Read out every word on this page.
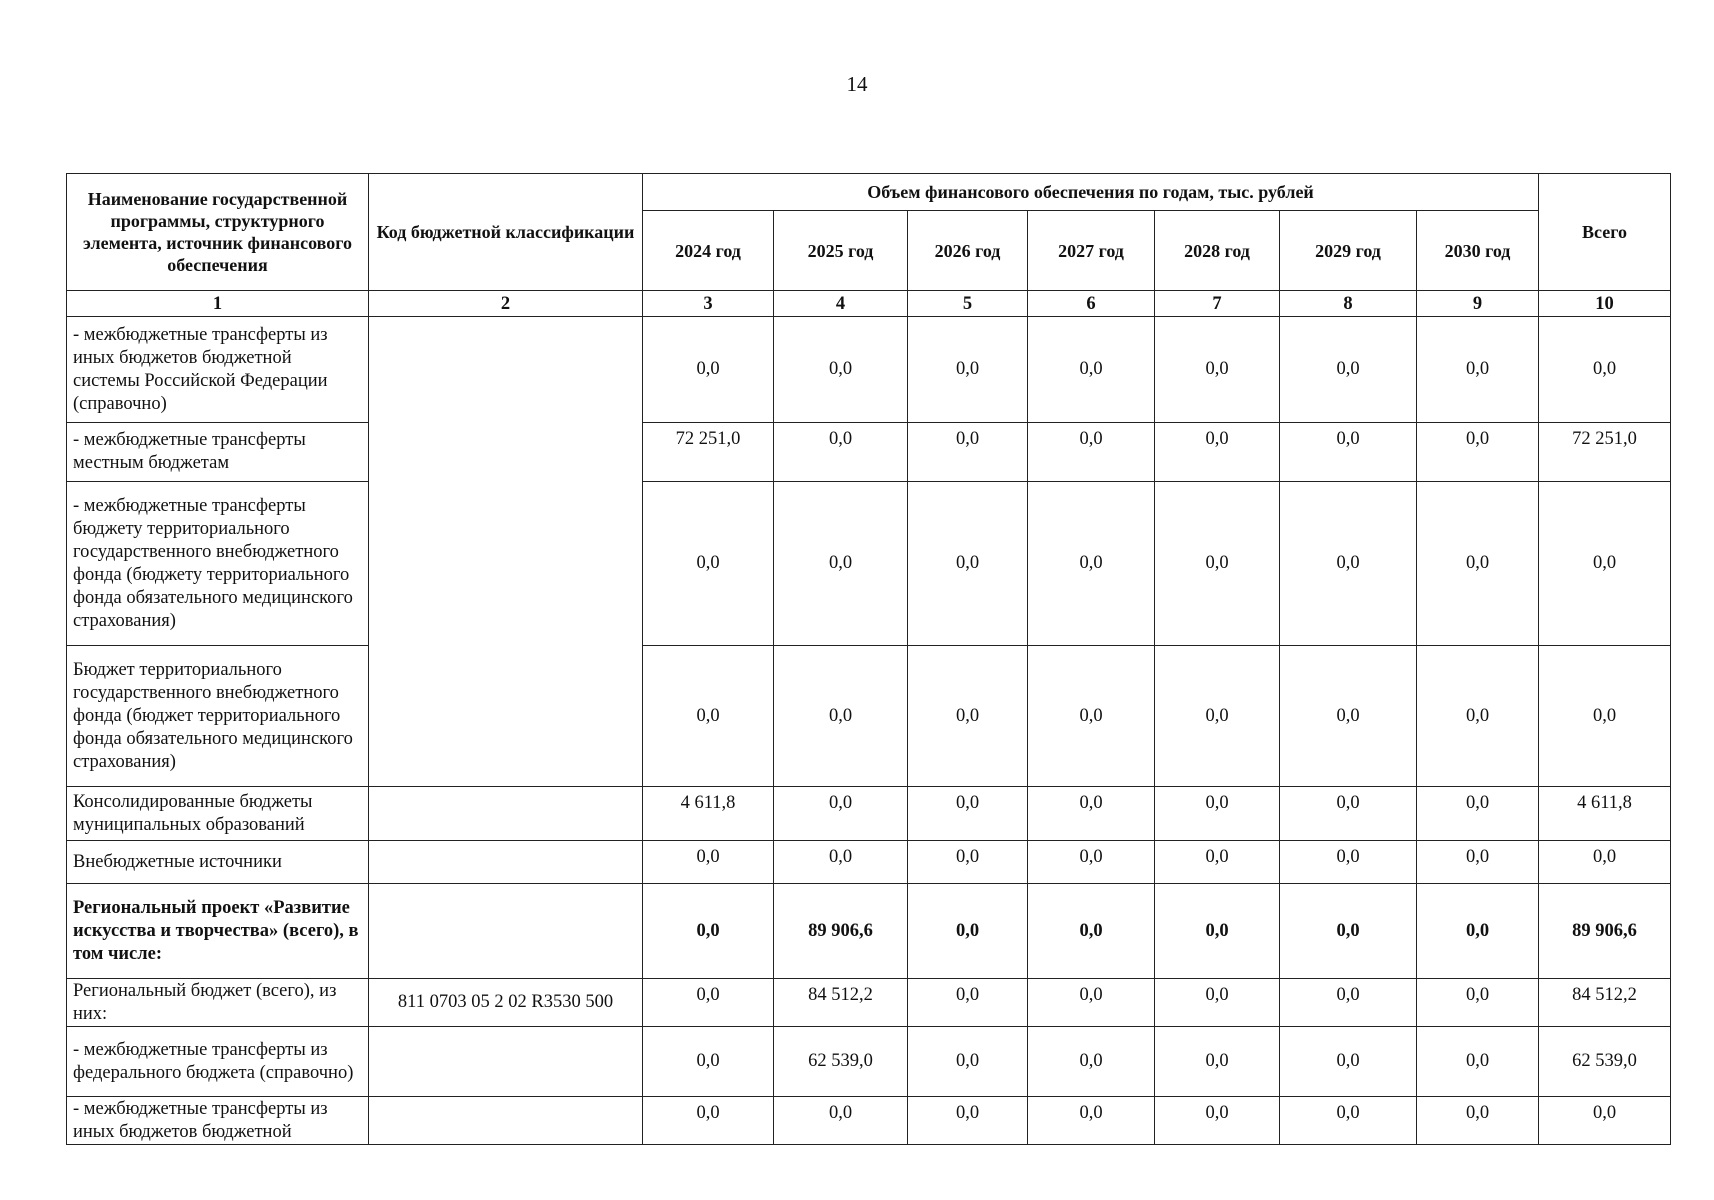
14
Наименование государственной программы, структурного элемента, источник финансового обеспечения	Код бюджетной классификации	Объем финансового обеспечения по годам, тыс. рублей							Всего
		2024 год	2025 год	2026 год	2027 год	2028 год	2029 год	2030 год	
1	2	3	4	5	6	7	8	9	10
- межбюджетные трансферты из иных бюджетов бюджетной системы Российской Федерации (справочно)		0,0	0,0	0,0	0,0	0,0	0,0	0,0	0,0
- межбюджетные трансферты местным бюджетам		72 251,0	0,0	0,0	0,0	0,0	0,0	0,0	72 251,0
- межбюджетные трансферты бюджету территориального государственного внебюджетного фонда (бюджету территориального фонда обязательного медицинского страхования)		0,0	0,0	0,0	0,0	0,0	0,0	0,0	0,0
Бюджет территориального государственного внебюджетного фонда (бюджет территориального фонда обязательного медицинского страхования)		0,0	0,0	0,0	0,0	0,0	0,0	0,0	0,0
Консолидированные бюджеты муниципальных образований		4 611,8	0,0	0,0	0,0	0,0	0,0	0,0	4 611,8
Внебюджетные источники		0,0	0,0	0,0	0,0	0,0	0,0	0,0	0,0
Региональный проект «Развитие искусства и творчества» (всего), в том числе:		0,0	89 906,6	0,0	0,0	0,0	0,0	0,0	89 906,6
Региональный бюджет (всего), из них:	811 0703 05 2 02 R3530 500	0,0	84 512,2	0,0	0,0	0,0	0,0	0,0	84 512,2
- межбюджетные трансферты из федерального бюджета (справочно)		0,0	62 539,0	0,0	0,0	0,0	0,0	0,0	62 539,0
- межбюджетные трансферты из иных бюджетов бюджетной		0,0	0,0	0,0	0,0	0,0	0,0	0,0	0,0
